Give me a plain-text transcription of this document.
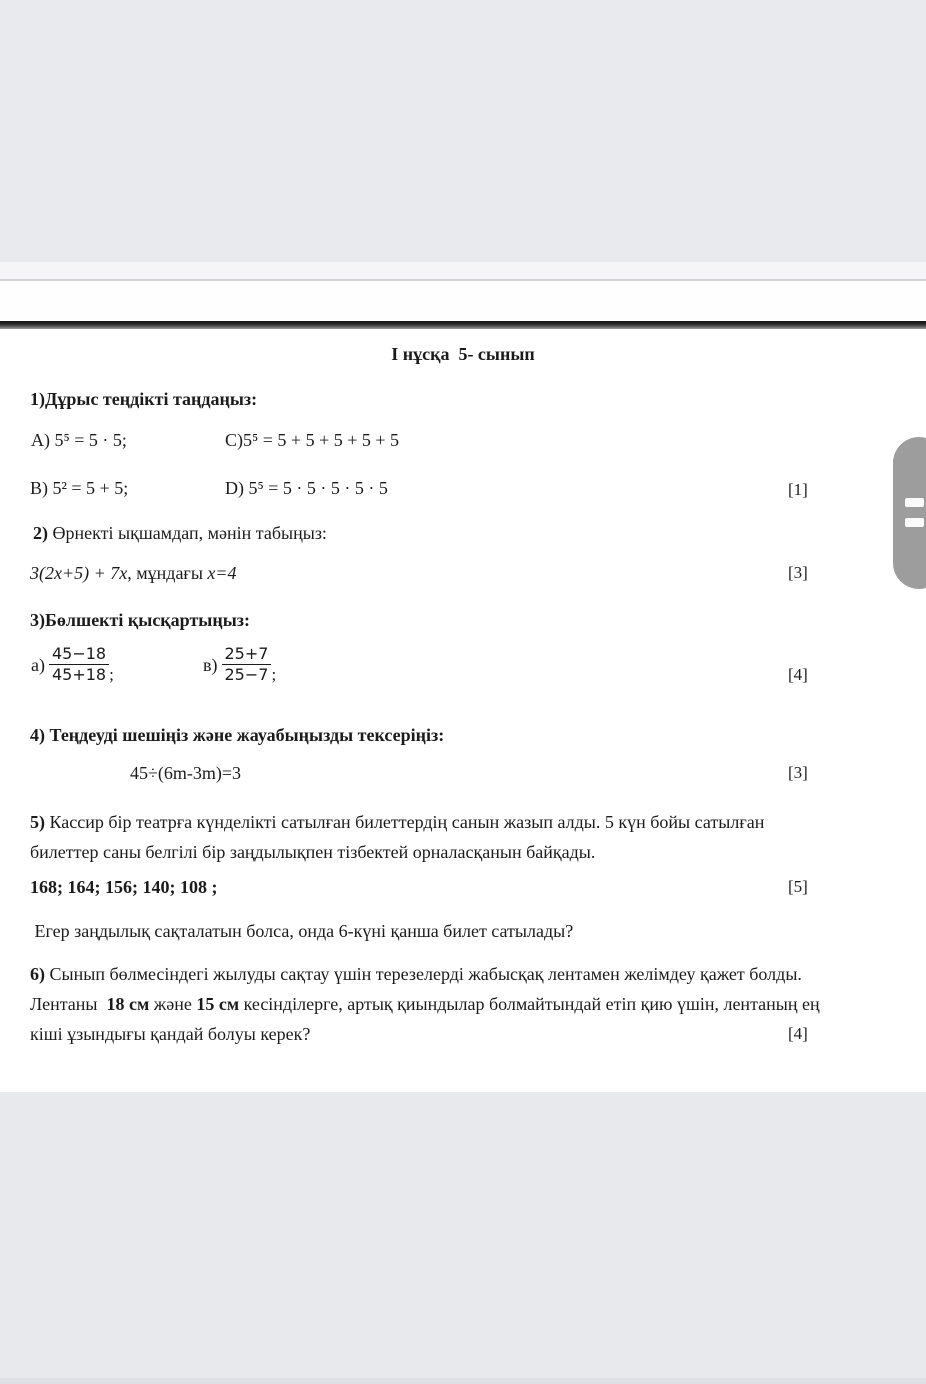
І нұсқа  5- сынып
1)Дұрыс теңдікті таңдаңыз:
A) 5⁵ = 5 · 5;	C)5⁵ = 5 + 5 + 5 + 5 + 5
B) 5² = 5 + 5;	D) 5⁵ = 5 · 5 · 5 · 5 · 5	[1]
2) Өрнекті ықшамдап, мәнін табыңыз:
3(2x+5) + 7x, мұндағы x=4	[3]
3)Бөлшекті қысқартыңыз:
$а) \frac{45-18}{45+18}$ ;	$в) \frac{25+7}{25-7}$ ;	[4]
4) Теңдеуді шешіңіз және жауабыңызды тексеріңіз:
45÷(6m-3m)=3	[3]
5) Кассир бір театрға күнделікті сатылған билеттердің санын жазып алды. 5 күн бойы сатылған
билеттер саны белгілі бір заңдылықпен тізбектей орналасқанын байқады.
168; 164; 156; 140; 108 ;	[5]
Егер заңдылық сақталатын болса, онда 6-күні қанша билет сатылады?
6) Сынып бөлмесіндегі жылуды сақтау үшін терезелерді жабысқақ лентамен желімдеу қажет болды.
Лентаны  18 см және 15 см кесінділерге, артық қиындылар болмайтындай етіп қию үшін, лентаның ең
кіші ұзындығы қандай болуы керек?	[4]
